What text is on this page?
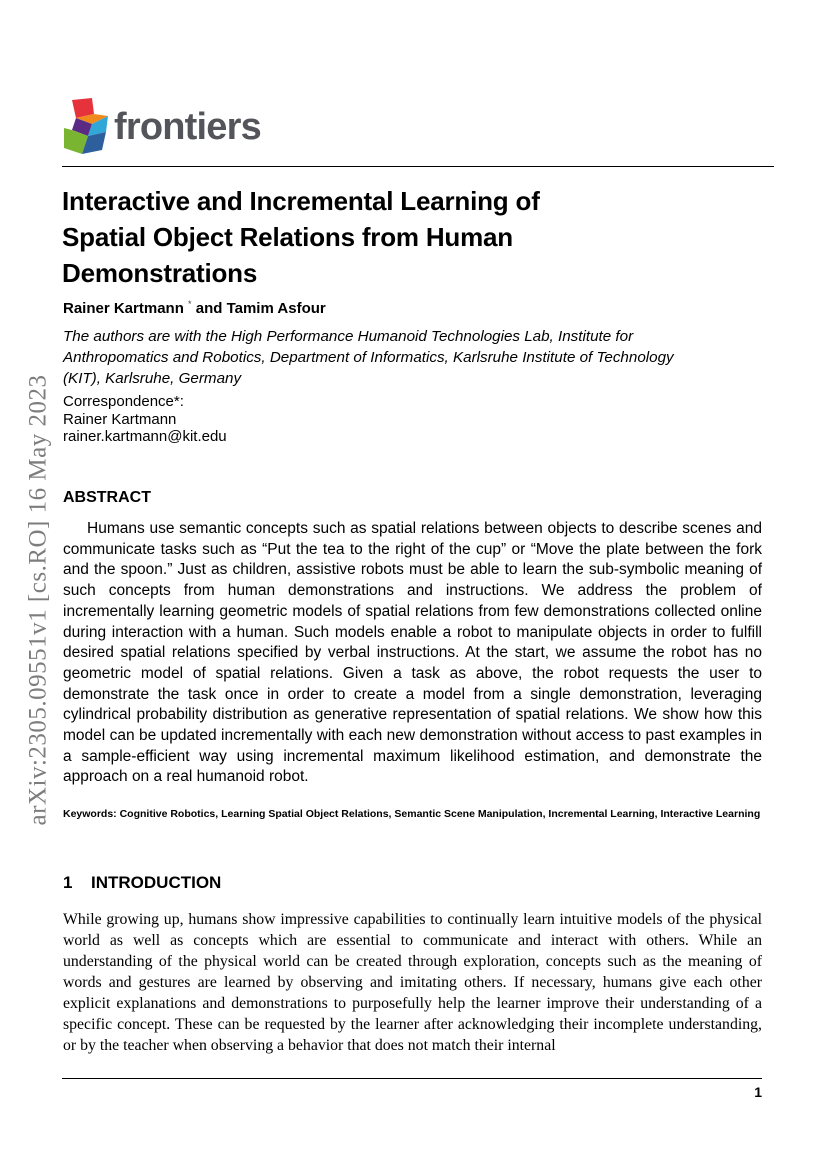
frontiers
Interactive and Incremental Learning of Spatial Object Relations from Human Demonstrations
Rainer Kartmann * and Tamim Asfour
The authors are with the High Performance Humanoid Technologies Lab, Institute for Anthropomatics and Robotics, Department of Informatics, Karlsruhe Institute of Technology (KIT), Karlsruhe, Germany
Correspondence*:
Rainer Kartmann
rainer.kartmann@kit.edu
arXiv:2305.09551v1 [cs.RO] 16 May 2023 ABSTRACT

Humans use semantic concepts such as spatial relations between objects to describe scenes and communicate tasks such as “Put the tea to the right of the cup” or “Move the plate between the fork and the spoon.” Just as children, assistive robots must be able to learn the sub-symbolic meaning of such concepts from human demonstrations and instructions. We address the problem of incrementally learning geometric models of spatial relations from few demonstrations collected online during interaction with a human. Such models enable a robot to manipulate objects in order to fulfill desired spatial relations specified by verbal instructions. At the start, we assume the robot has no geometric model of spatial relations. Given a task as above, the robot requests the user to demonstrate the task once in order to create a model from a single demonstration, leveraging cylindrical probability distribution as generative representation of spatial relations. We show how this model can be updated incrementally with each new demonstration without access to past examples in a sample-efficient way using incremental maximum likelihood estimation, and demonstrate the approach on a real humanoid robot.

Keywords: Cognitive Robotics, Learning Spatial Object Relations, Semantic Scene Manipulation, Incremental Learning, Interactive Learning

1 INTRODUCTION

While growing up, humans show impressive capabilities to continually learn intuitive models of the physical world as well as concepts which are essential to communicate and interact with others. While an understanding of the physical world can be created through exploration, concepts such as the meaning of words and gestures are learned by observing and imitating others. If necessary, humans give each other explicit explanations and demonstrations to purposefully help the learner improve their understanding of a specific concept. These can be requested by the learner after acknowledging their incomplete understanding, or by the teacher when observing a behavior that does not match their internal

1
